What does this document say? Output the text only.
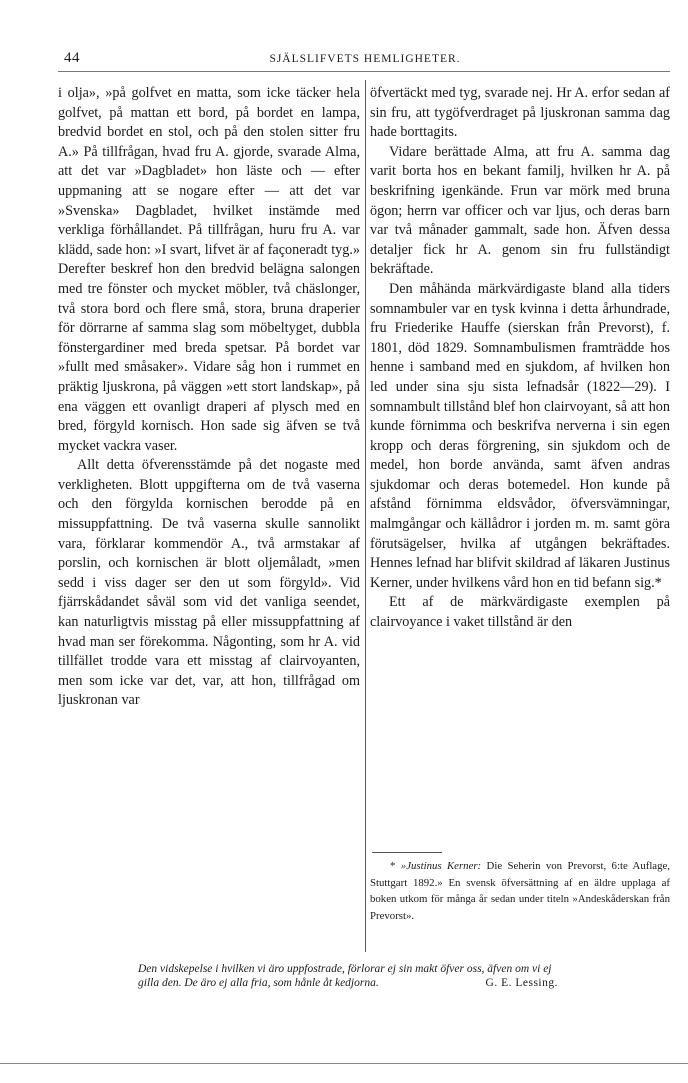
44	SJÄLSLIFVETS HEMLIGHETER.

i olja», »på golfvet en matta, som icke täcker hela golfvet, på mattan ett bord, på bordet en lampa, bredvid bordet en stol, och på den stolen sitter fru A.» På tillfrågan, hvad fru A. gjorde, svarade Alma, att det var »Dagbladet» hon läste och — efter uppmaning att se nogare efter — att det var »Svenska» Dagbladet, hvilket instämde med verkliga förhållandet. På tillfrågan, huru fru A. var klädd, sade hon: »I svart, lifvet är af façoneradt tyg.» Derefter beskref hon den bredvid belägna salongen med tre fönster och mycket möbler, två chäslonger, två stora bord och flere små, stora, bruna draperier för dörrarne af samma slag som möbeltyget, dubbla fönstergardiner med breda spetsar. På bordet var »fullt med småsaker». Vidare såg hon i rummet en präktig ljuskrona, på väggen »ett stort landskap», på ena väggen ett ovanligt draperi af plysch med en bred, förgyld kornisch. Hon sade sig äfven se två mycket vackra vaser.

Allt detta öfverensstämde på det nogaste med verkligheten. Blott uppgifterna om de två vaserna och den förgylda kornischen berodde på en missuppfattning. De två vaserna skulle sannolikt vara, förklarar kommendör A., två armstakar af porslin, och kornischen är blott oljemåladt, »men sedd i viss dager ser den ut som förgyld». Vid fjärrskådandet såväl som vid det vanliga seendet, kan naturligtvis misstag på eller missuppfattning af hvad man ser förekomma. Någonting, som hr A. vid tillfället trodde vara ett misstag af clairvoyanten, men som icke var det, var, att hon, tillfrågad om ljuskronan var

öfvertäckt med tyg, svarade nej. Hr A. erfor sedan af sin fru, att tygöfverdraget på ljuskronan samma dag hade borttagits.

Vidare berättade Alma, att fru A. samma dag varit borta hos en bekant familj, hvilken hr A. på beskrifning igenkände. Frun var mörk med bruna ögon; herrn var officer och var ljus, och deras barn var två månader gammalt, sade hon. Äfven dessa detaljer fick hr A. genom sin fru fullständigt bekräftade.

Den måhända märkvärdigaste bland alla tiders somnambuler var en tysk kvinna i detta århundrade, fru Friederike Hauffe (sierskan från Prevorst), f. 1801, död 1829. Somnambulismen framträdde hos henne i samband med en sjukdom, af hvilken hon led under sina sju sista lefnadsår (1822—29). I somnambult tillstånd blef hon clairvoyant, så att hon kunde förnimma och beskrifva nerverna i sin egen kropp och deras förgrening, sin sjukdom och de medel, hon borde använda, samt äfven andras sjukdomar och deras botemedel. Hon kunde på afstånd förnimma eldsvådor, öfversvämningar, malmgångar och källådror i jorden m. m. samt göra förutsägelser, hvilka af utgången bekräftades. Hennes lefnad har blifvit skildrad af läkaren Justinus Kerner, under hvilkens vård hon en tid befann sig.*

Ett af de märkvärdigaste exemplen på clairvoyance i vaket tillstånd är den

* »Justinus Kerner: Die Seherin von Prevorst, 6:te Auflage, Stuttgart 1892.» En svensk öfversättning af en äldre upplaga af boken utkom för många år sedan under titeln »Andeskåderskan från Prevorst».
Den vidskepelse i hvilken vi äro uppfostrade, förlorar ej sin makt öfver oss, äfven om vi ej gilla den. De äro ej alla fria, som hånle åt kedjorna.	G. E. Lessing.
